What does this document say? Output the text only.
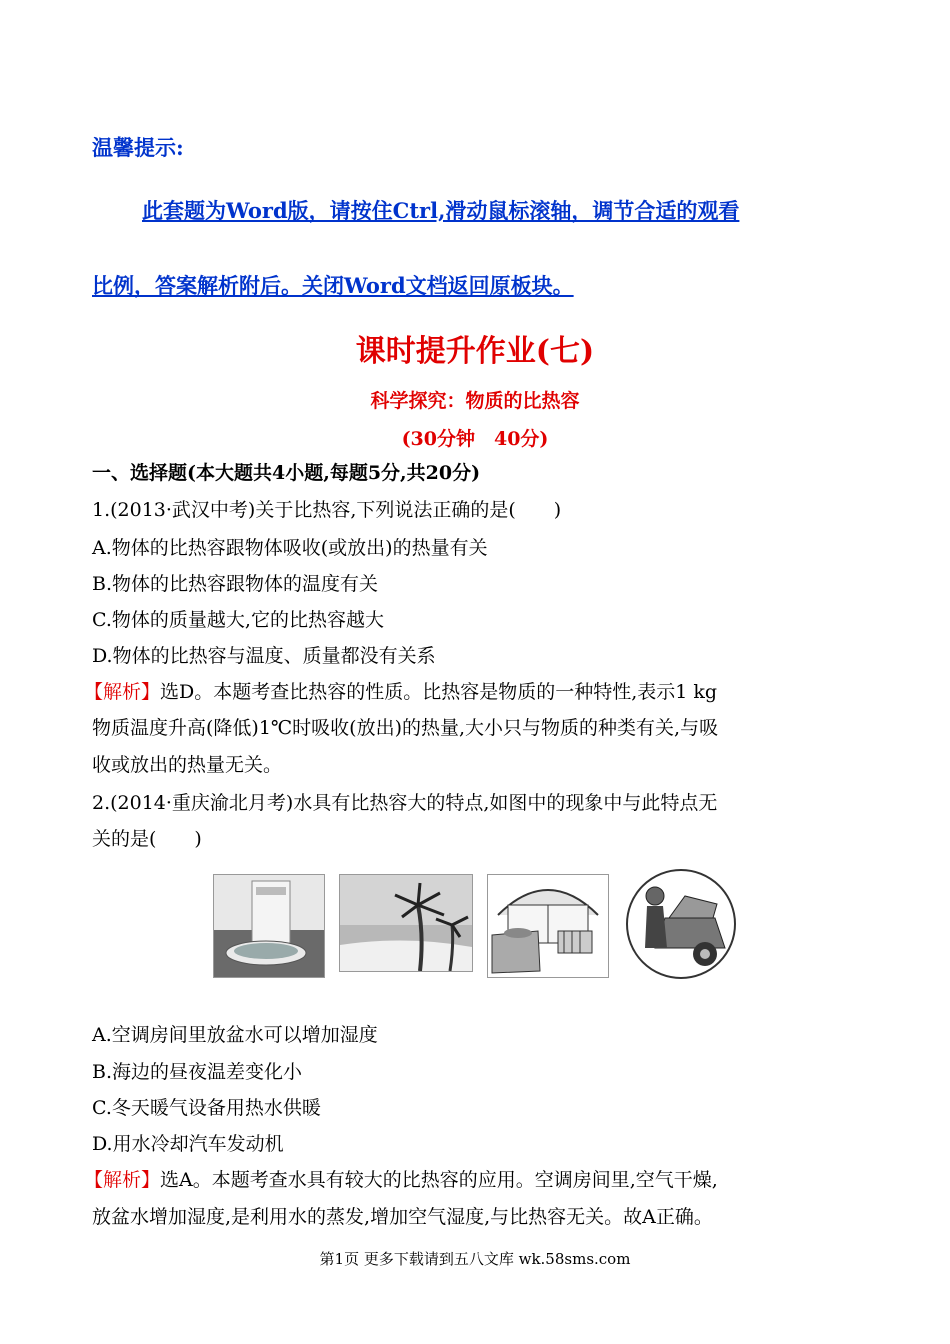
温馨提示:
此套题为Word版，请按住Ctrl,滑动鼠标滚轴，调节合适的观看
比例，答案解析附后。关闭Word文档返回原板块。
课时提升作业(七)
科学探究：物质的比热容
(30分钟　40分)
一、选择题(本大题共4小题,每题5分,共20分)
1.(2013·武汉中考)关于比热容,下列说法正确的是(　　)
A.物体的比热容跟物体吸收(或放出)的热量有关
B.物体的比热容跟物体的温度有关
C.物体的质量越大,它的比热容越大
D.物体的比热容与温度、质量都没有关系
【解析】选D。本题考查比热容的性质。比热容是物质的一种特性,表示1 kg
物质温度升高(降低)1℃时吸收(放出)的热量,大小只与物质的种类有关,与吸
收或放出的热量无关。
2.(2014·重庆渝北月考)水具有比热容大的特点,如图中的现象中与此特点无
关的是(　　)
A.空调房间里放盆水可以增加湿度
B.海边的昼夜温差变化小
C.冬天暖气设备用热水供暖
D.用水冷却汽车发动机
【解析】选A。本题考查水具有较大的比热容的应用。空调房间里,空气干燥,
放盆水增加湿度,是利用水的蒸发,增加空气湿度,与比热容无关。故A正确。
第1页 更多下载请到五八文库 wk.58sms.com
